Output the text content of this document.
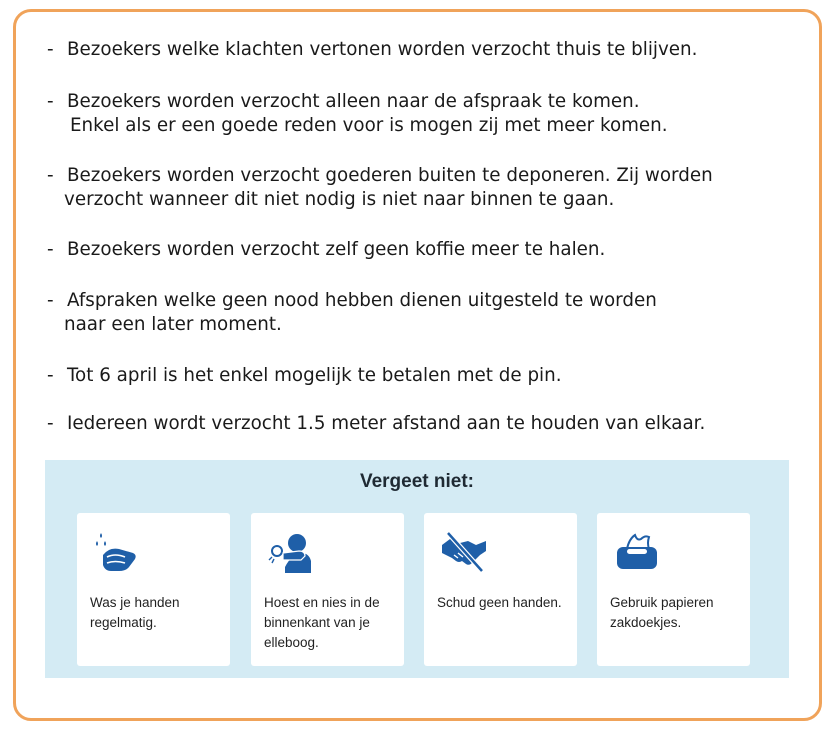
- Bezoekers welke klachten vertonen worden verzocht thuis te blijven.
- Bezoekers worden verzocht alleen naar de afspraak te komen.
Enkel als er een goede reden voor is mogen zij met meer komen.
- Bezoekers worden verzocht goederen buiten te deponeren. Zij worden
verzocht wanneer dit niet nodig is niet naar binnen te gaan.
- Bezoekers worden verzocht zelf geen koffie meer te halen.
- Afspraken welke geen nood hebben dienen uitgesteld te worden
naar een later moment.
- Tot 6 april is het enkel mogelijk te betalen met de pin.
- Iedereen wordt verzocht 1.5 meter afstand aan te houden van elkaar.
Vergeet niet:
Was je handen regelmatig.
Hoest en nies in de binnenkant van je elleboog.
Schud geen handen.	Gebruik papieren zakdoekjes.
